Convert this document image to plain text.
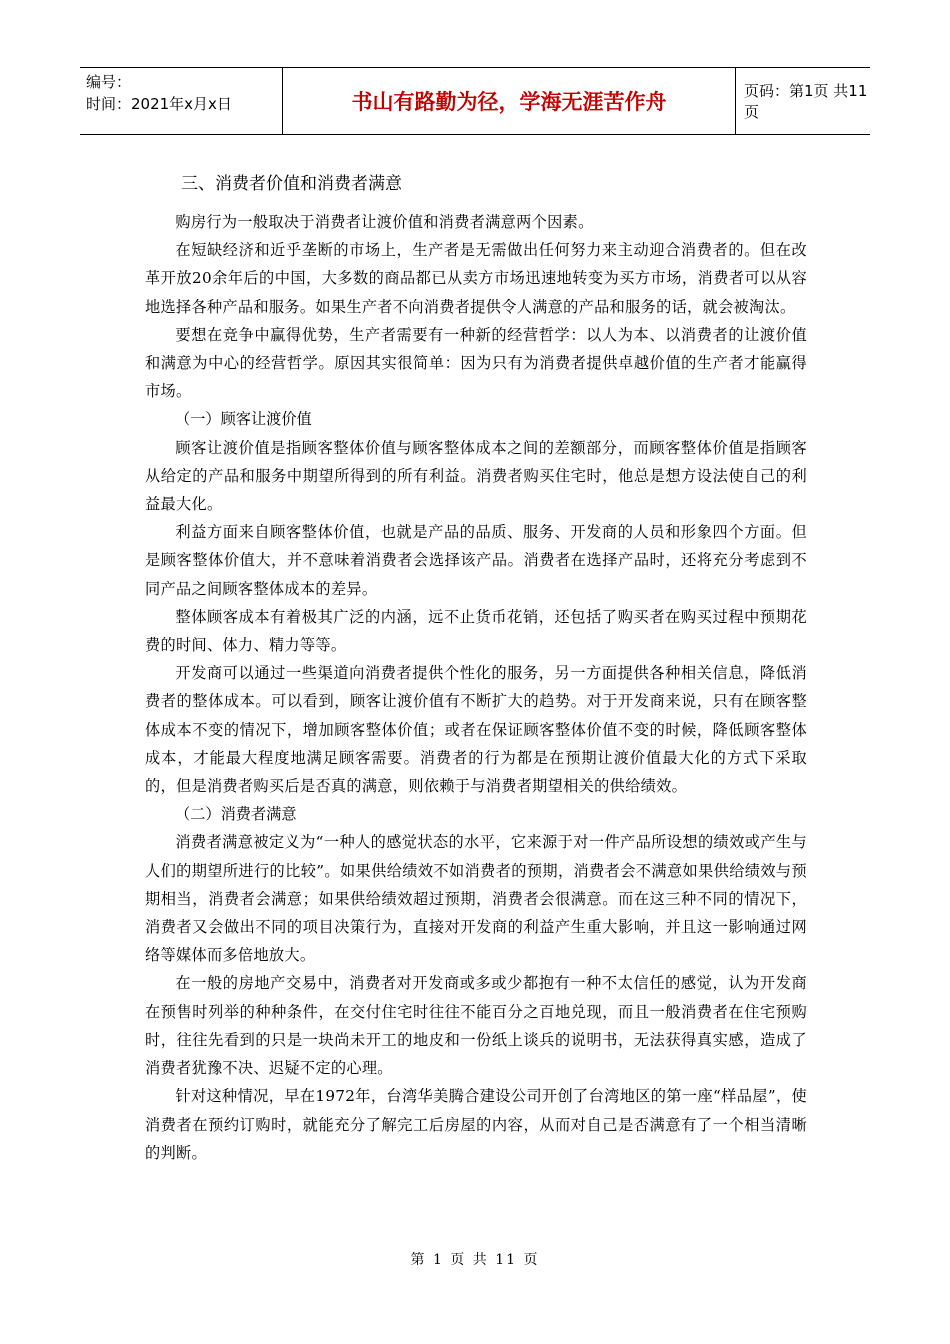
编号：
时间：2021年x月x日	书山有路勤为径，学海无涯苦作舟	页码：第1页 共11页
三、消费者价值和消费者满意

购房行为一般取决于消费者让渡价值和消费者满意两个因素。

在短缺经济和近乎垄断的市场上，生产者是无需做出任何努力来主动迎合消费者的。但在改革开放20余年后的中国，大多数的商品都已从卖方市场迅速地转变为买方市场，消费者可以从容地选择各种产品和服务。如果生产者不向消费者提供令人满意的产品和服务的话，就会被淘汰。

要想在竞争中赢得优势，生产者需要有一种新的经营哲学：以人为本、以消费者的让渡价值和满意为中心的经营哲学。原因其实很简单：因为只有为消费者提供卓越价值的生产者才能赢得市场。

（一）顾客让渡价值

顾客让渡价值是指顾客整体价值与顾客整体成本之间的差额部分，而顾客整体价值是指顾客从给定的产品和服务中期望所得到的所有利益。消费者购买住宅时，他总是想方设法使自己的利益最大化。

利益方面来自顾客整体价值，也就是产品的品质、服务、开发商的人员和形象四个方面。但是顾客整体价值大，并不意味着消费者会选择该产品。消费者在选择产品时，还将充分考虑到不同产品之间顾客整体成本的差异。

整体顾客成本有着极其广泛的内涵，远不止货币花销，还包括了购买者在购买过程中预期花费的时间、体力、精力等等。

开发商可以通过一些渠道向消费者提供个性化的服务，另一方面提供各种相关信息，降低消费者的整体成本。可以看到，顾客让渡价值有不断扩大的趋势。对于开发商来说，只有在顾客整体成本不变的情况下，增加顾客整体价值；或者在保证顾客整体价值不变的时候，降低顾客整体成本，才能最大程度地满足顾客需要。消费者的行为都是在预期让渡价值最大化的方式下采取的，但是消费者购买后是否真的满意，则依赖于与消费者期望相关的供给绩效。

（二）消费者满意

消费者满意被定义为“一种人的感觉状态的水平，它来源于对一件产品所设想的绩效或产生与人们的期望所进行的比较”。如果供给绩效不如消费者的预期，消费者会不满意如果供给绩效与预期相当，消费者会满意；如果供给绩效超过预期，消费者会很满意。而在这三种不同的情况下，消费者又会做出不同的项目决策行为，直接对开发商的利益产生重大影响，并且这一影响通过网络等媒体而多倍地放大。

在一般的房地产交易中，消费者对开发商或多或少都抱有一种不太信任的感觉，认为开发商在预售时列举的种种条件，在交付住宅时往往不能百分之百地兑现，而且一般消费者在住宅预购时，往往先看到的只是一块尚未开工的地皮和一份纸上谈兵的说明书，无法获得真实感，造成了消费者犹豫不决、迟疑不定的心理。

针对这种情况，早在1972年，台湾华美腾合建设公司开创了台湾地区的第一座“样品屋”，使消费者在预约订购时，就能充分了解完工后房屋的内容，从而对自己是否满意有了一个相当清晰的判断。

第 1 页 共 11 页
